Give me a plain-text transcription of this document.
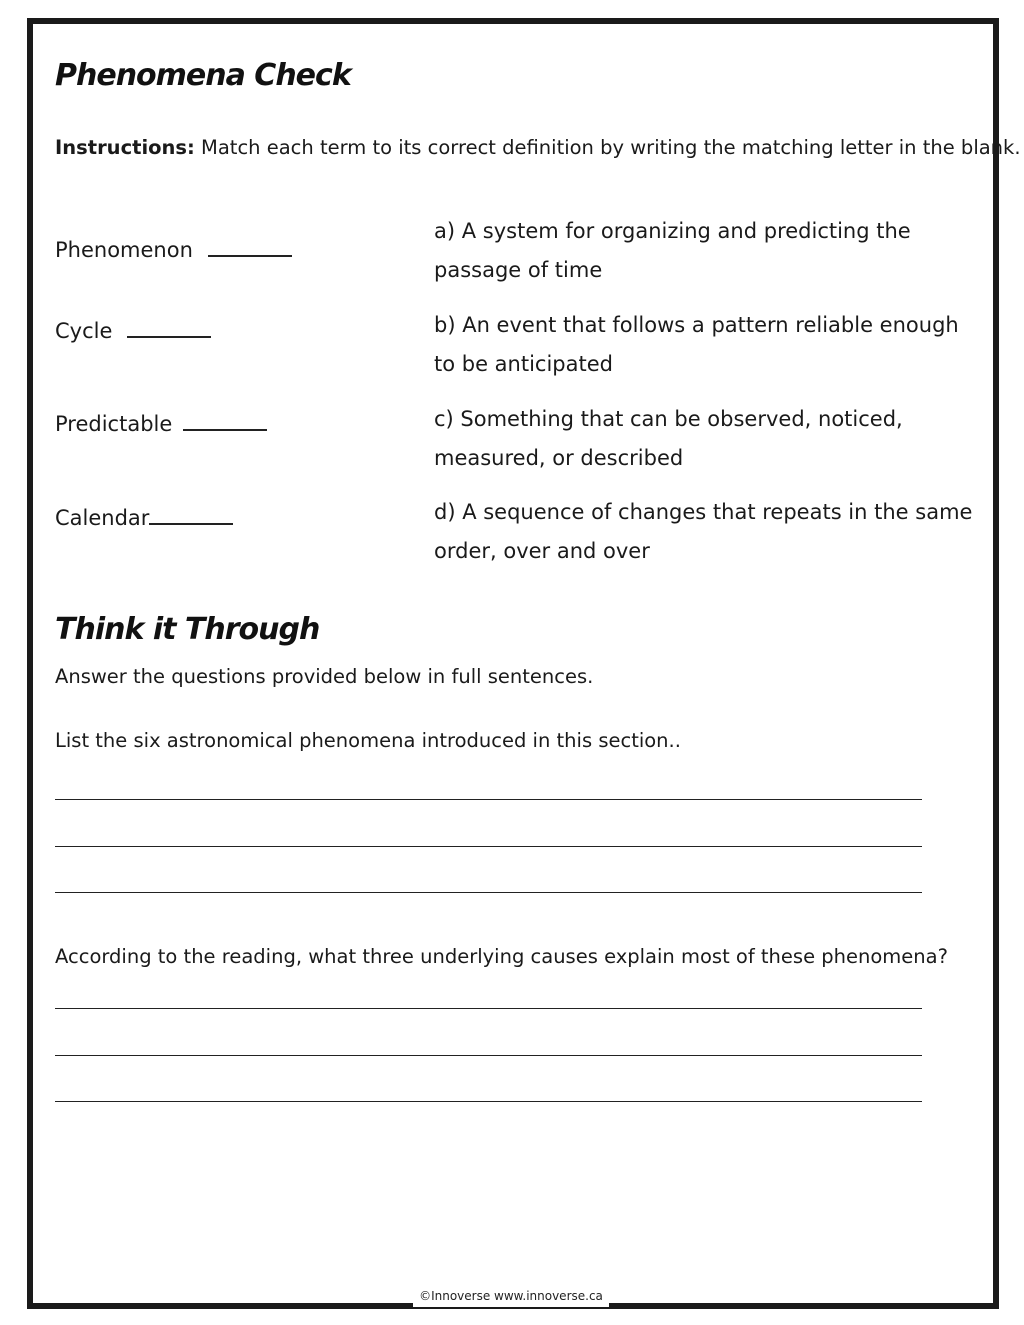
Phenomena Check
Instructions: Match each term to its correct definition by writing the matching letter in the blank.
Phenomenon
Cycle
Predictable
Calendar
a) A system for organizing and predicting the passage of time
b) An event that follows a pattern reliable enough to be anticipated
c) Something that can be observed, noticed, measured, or described
d) A sequence of changes that repeats in the same order, over and over
Think it Through
Answer the questions provided below in full sentences.
List the six astronomical phenomena introduced in this section..
According to the reading, what three underlying causes explain most of these phenomena?
©Innoverse www.innoverse.ca
